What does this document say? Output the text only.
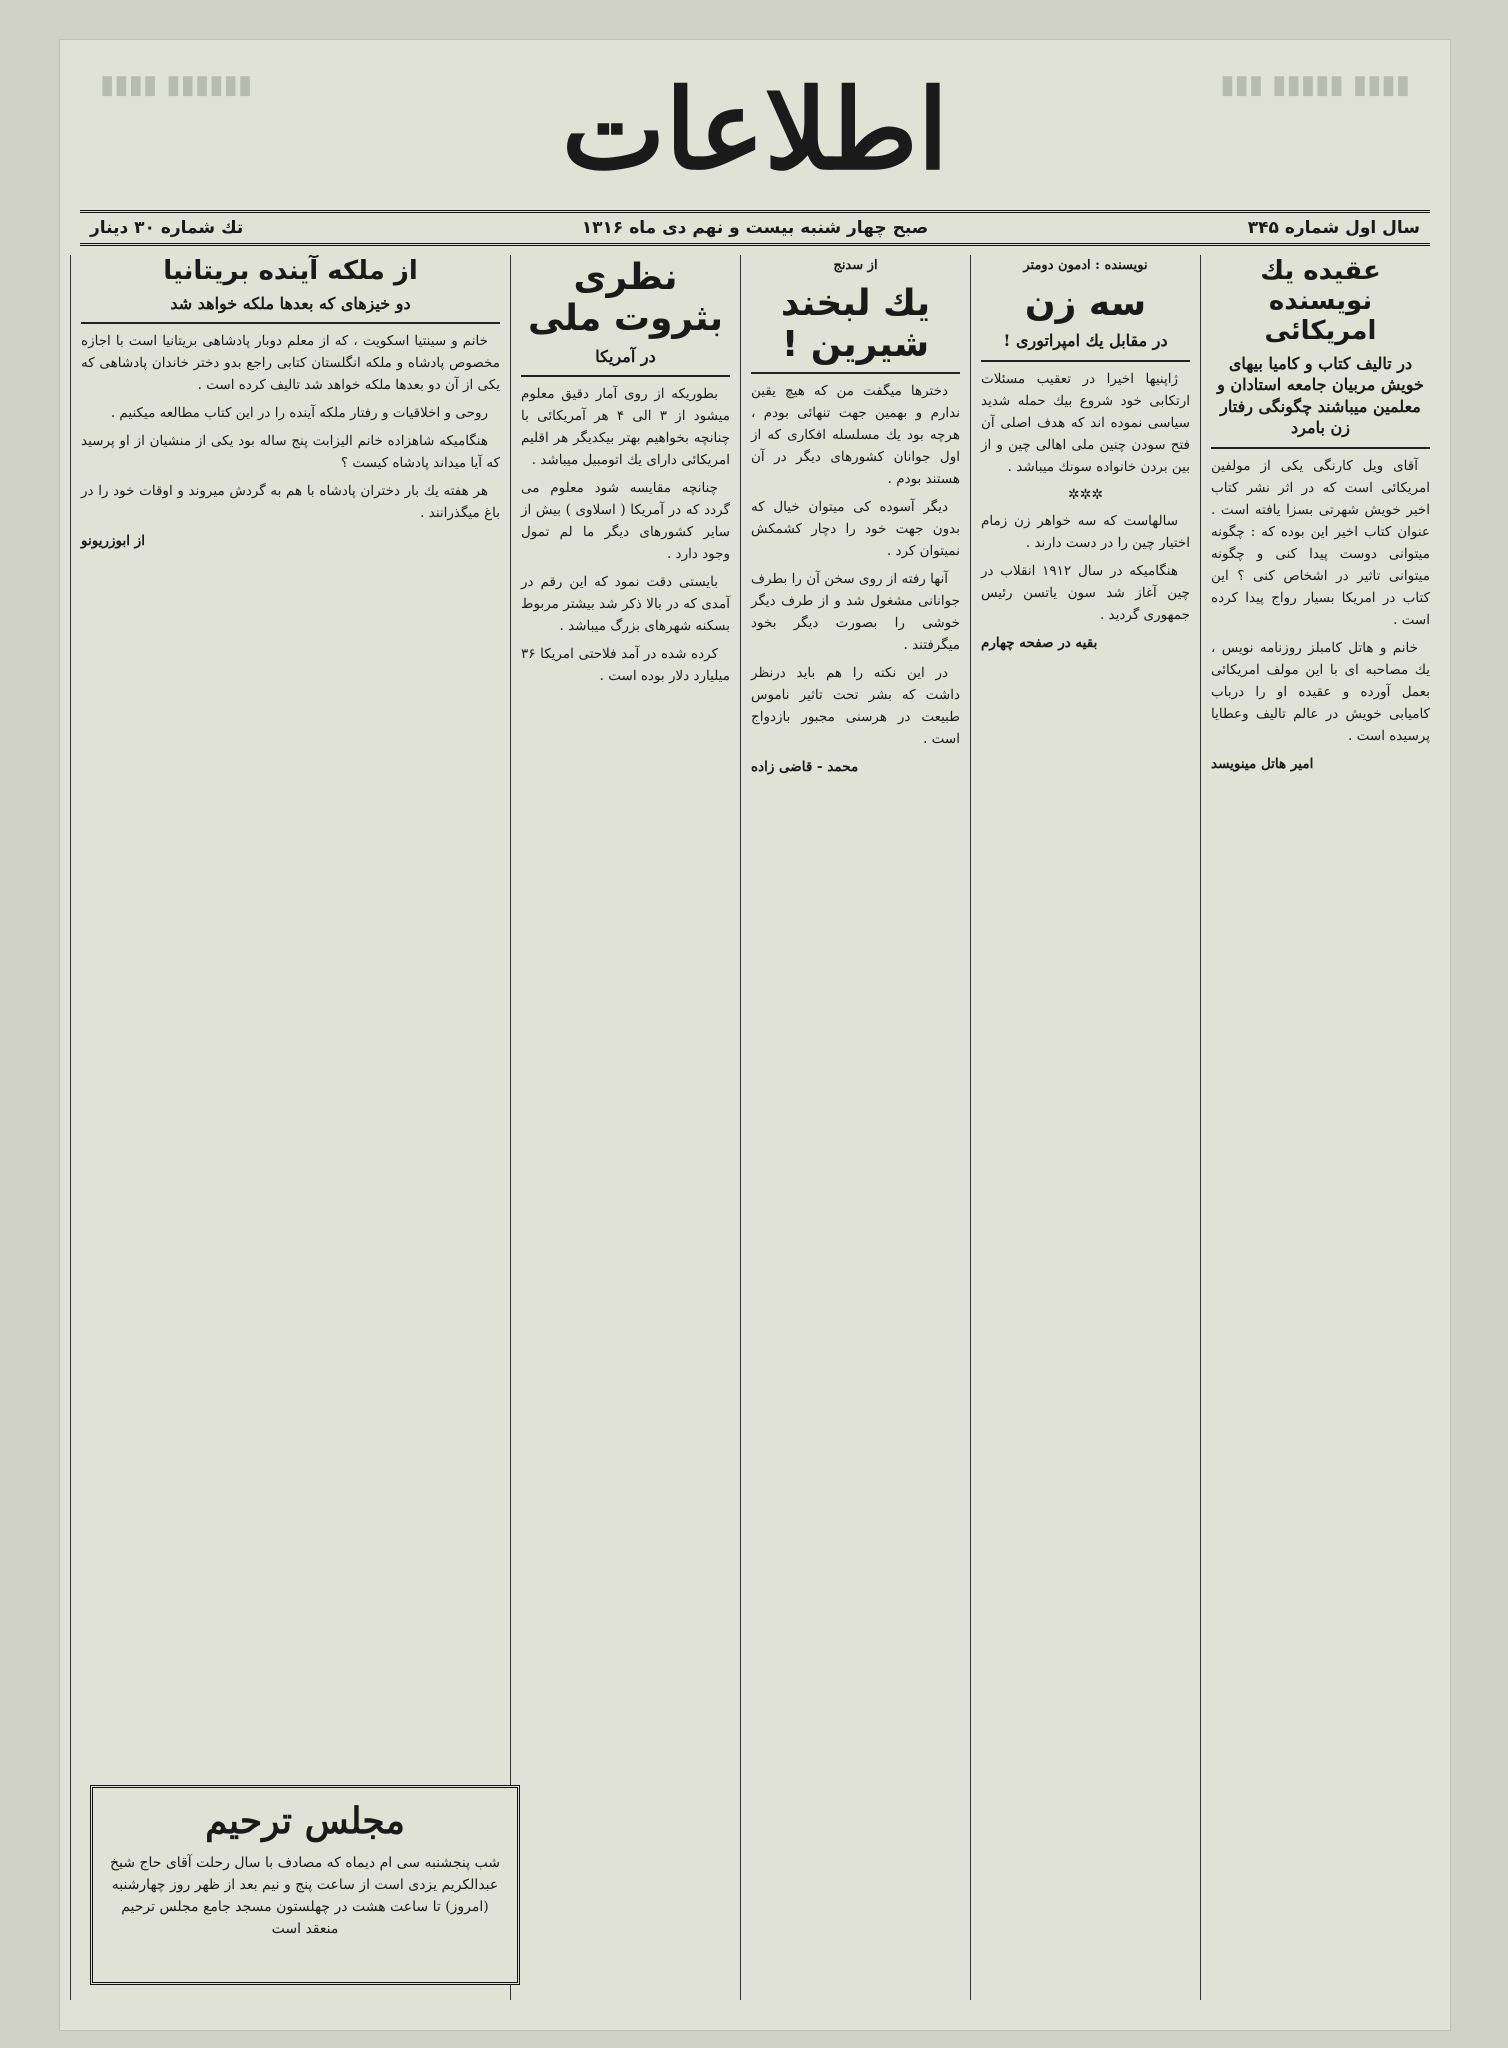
▮▮▮▮ ▮▮▮▮▮ ▮▮▮
▮▮▮▮▮▮ ▮▮▮▮	اطلاعات
سال اول شماره ۳۴۵
صبح چهار شنبه بیست و نهم دی ماه ۱۳۱۶
تك شماره ۳۰ دینار
عقیده یك نویسنده امریكائی
در تالیف كتاب و كامیا بیهای خویش مربیان جامعه استادان و معلمین میباشند چگونگی رفتار زن بامرد

آقای ویل كارنگی یكی از مولفین امریكائی است كه در اثر نشر كتاب اخیر خویش شهرتی بسزا یافته است . عنوان كتاب اخیر این بوده كه : چگونه میتوانی دوست پیدا كنی و چگونه میتوانی تاثیر در اشخاص كنی ؟ این كتاب در امریكا بسیار رواج پیدا كرده است .

خانم و هاتل كامبلز روزنامه نویس ، یك مصاحبه ای با این مولف امریكائی بعمل آورده و عقیده او را درباب كامیابی خویش در عالم تالیف وعطایا پرسیده است .

امیر هاتل مینویسد
نویسنده : ادمون دومتر
سه زن
در مقابل یك امپراتوری !

ژاپنیها اخیرا در تعقیب مسئلات ارتكابی خود شروع بیك حمله شدید سیاسی نموده اند كه هدف اصلی آن فتح سودن چنین ملی اهالی چین و از بین بردن خانواده سونك میباشد .

✲✲✲

سالهاست كه سه خواهر زن زمام اختیار چین را در دست دارند .

هنگامیكه در سال ۱۹۱۲ انقلاب در چین آغاز شد سون یاتسن رئیس جمهوری گردید .

بقیه در صفحه چهارم
از سدنج
یك لبخند شیرین !

دخترها میگفت من كه هیچ یقین ندارم و بهمین جهت تنهائی بودم ، هرچه بود یك مسلسله افكاری كه از اول جوانان كشورهای دیگر در آن هستند بودم .

دیگر آسوده كی میتوان خیال كه بدون جهت خود را دچار كشمكش نمیتوان كرد .

آنها رفته از روی سخن آن را بطرف جوانانی مشغول شد و از طرف دیگر خوشی را بصورت دیگر بخود میگرفتند .

در این نكته را هم باید درنظر داشت كه بشر تحت تاثیر ناموس طبیعت در هرسنی مجبور بازدواج است .

محمد - قاضی زاده
نظری بثروت ملی
در آمریکا

بطوریكه از روی آمار دقیق معلوم میشود از ۳ الی ۴ هر آمریكائی با چنانچه بخواهیم بهتر بیكدیگر هر اقلیم امریكائی دارای یك اتومبیل میباشد .

چنانچه مقایسه شود معلوم می گردد كه در آمریكا ( اسلاوی ) بیش از سایر كشورهای دیگر ما لم تمول وجود دارد .

بایستی دقت نمود كه این رقم در آمدی كه در بالا ذكر شد بیشتر مربوط بسكنه شهرهای بزرگ میباشد .

كرده شده در آمد فلاحتی امریكا ۳۶ میلیارد دلار بوده است .

از ملكه آینده بریتانیا
دو خیزهای كه بعدها ملكه خواهد شد

خانم و سینتیا اسكویت ، كه از معلم دوبار پادشاهی بریتانیا است با اجازه مخصوص پادشاه و ملكه انگلستان كتابی راجع بدو دختر خاندان پادشاهی كه یكی از آن دو بعدها ملكه خواهد شد تالیف كرده است .

روحی و اخلاقیات و رفتار ملكه آینده را در این كتاب مطالعه میكنیم .

هنگامیكه شاهزاده خانم الیزابت پنج ساله بود یكی از منشیان از او پرسید كه آیا میداند پادشاه كیست ؟

هر هفته یك بار دختران پادشاه با هم به گردش میروند و اوقات خود را در باغ میگذرانند .

از ابوزریونو
مجلس ترحیم
شب پنجشنبه سی ام دیماه که مصادف با سال رحلت آقای حاج شیخ عبدالکریم یزدی است از ساعت پنج و نیم بعد از ظهر روز چهارشنبه (امروز) تا ساعت هشت در چهلستون مسجد جامع مجلس ترحیم منعقد است
